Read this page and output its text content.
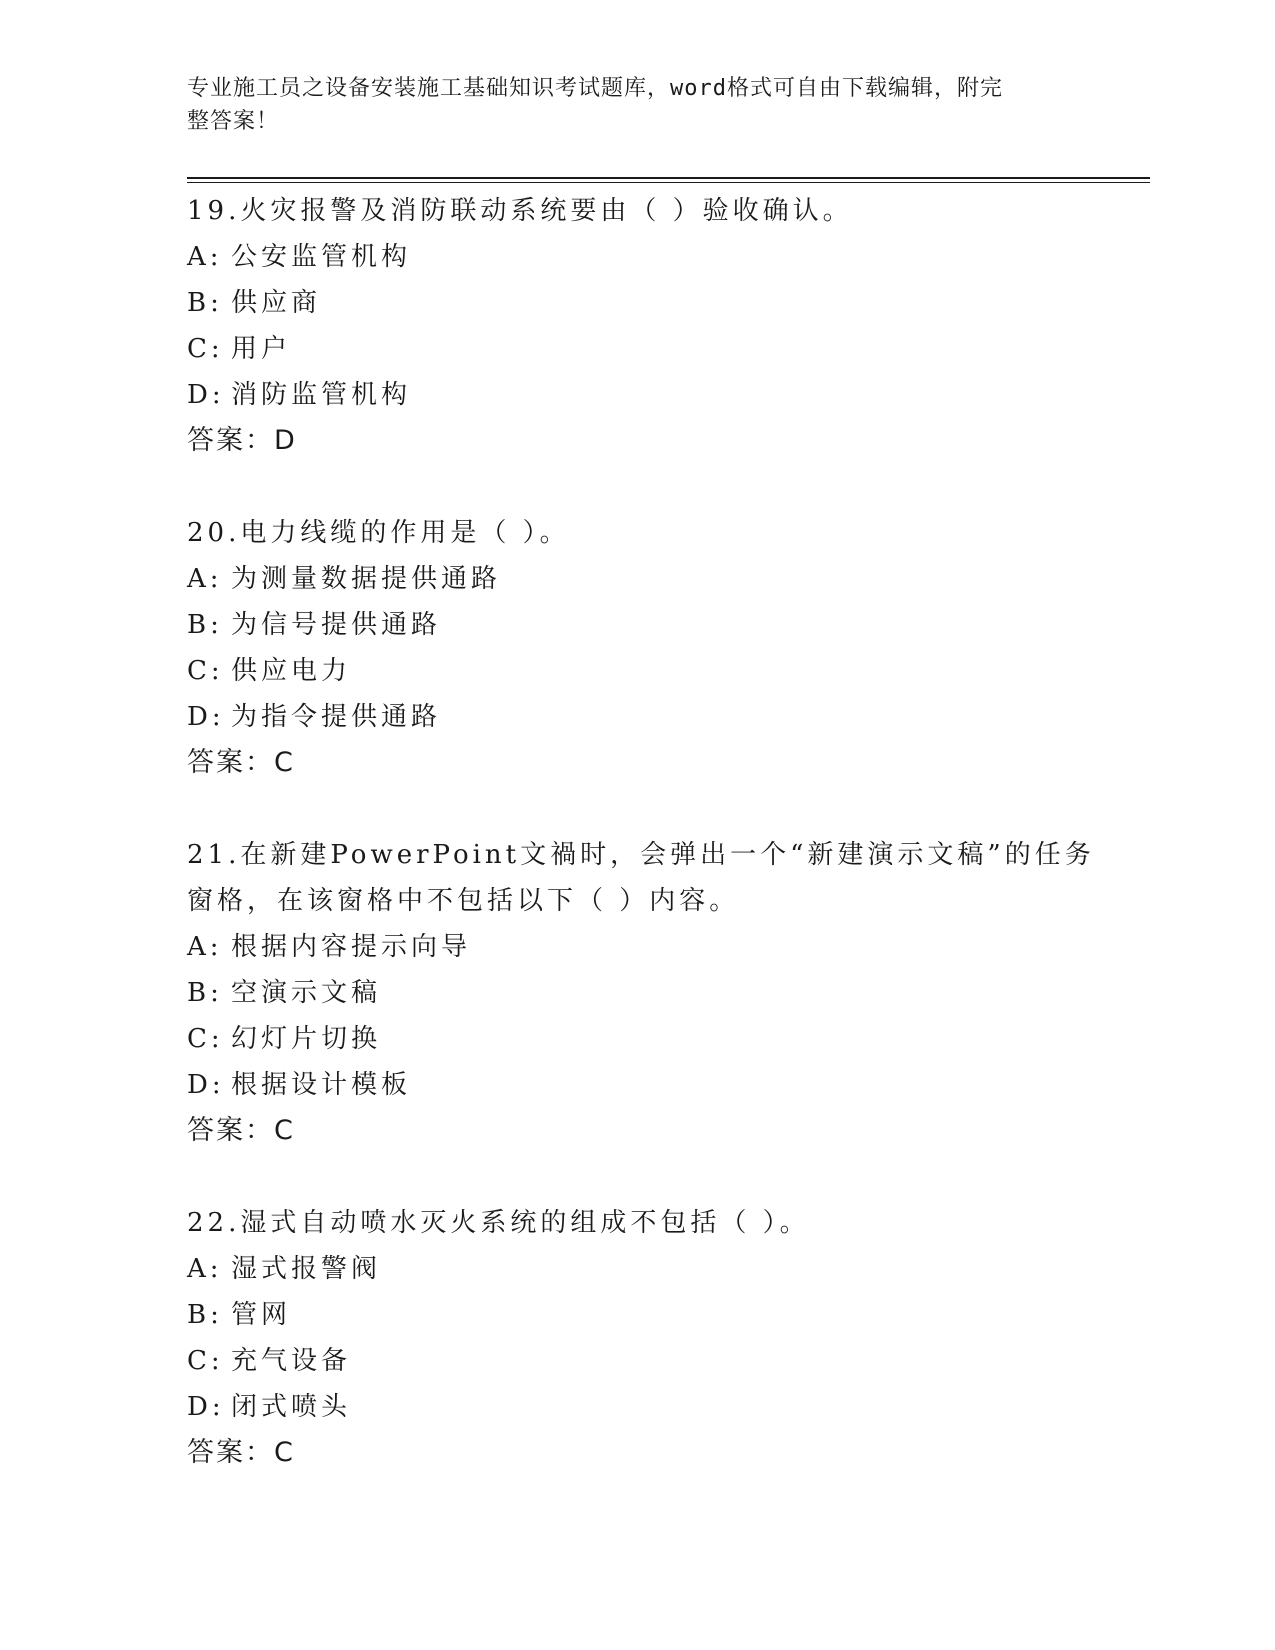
专业施工员之设备安装施工基础知识考试题库，word格式可自由下载编辑，附完
整答案！
19.火灾报警及消防联动系统要由（ ）验收确认。
A: 公安监管机构
B: 供应商
C: 用户
D: 消防监管机构
答案：D
20.电力线缆的作用是（ ）。
A: 为测量数据提供通路
B: 为信号提供通路
C: 供应电力
D: 为指令提供通路
答案：C
21.在新建PowerPoint文禍时，会弹出一个“新建演示文稿”的任务
窗格，在该窗格中不包括以下（ ）内容。
A: 根据内容提示向导
B: 空演示文稿
C: 幻灯片切换
D: 根据设计模板
答案：C
22.湿式自动喷水灭火系统的组成不包括（ ）。
A: 湿式报警阀
B: 管网
C: 充气设备
D: 闭式喷头
答案：C
